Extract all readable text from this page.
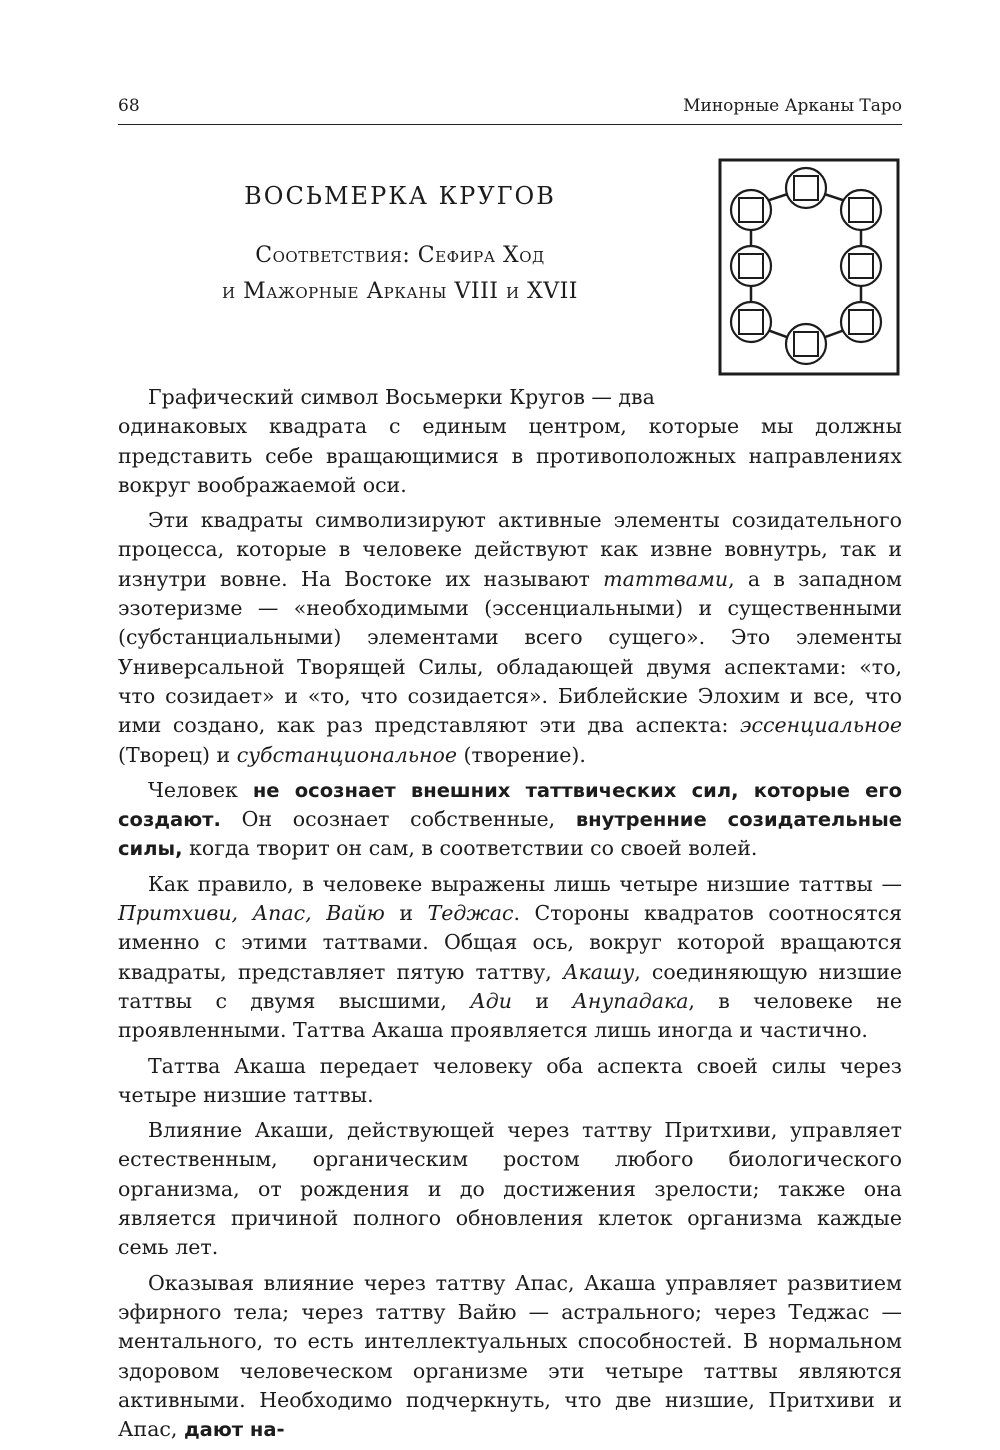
68	Минорные Арканы Таро
ВОСЬМЕРКА КРУГОВ

Соответствия: Сефира Ход

и Мажорные Арканы VIII и XVII

Графический символ Восьмерки Кругов — два
одинаковых квадрата с единым центром, которые мы должны представить себе вращающимися в противоположных направлениях вокруг воображаемой оси.

Эти квадраты символизируют активные элементы созидательного процесса, которые в человеке действуют как извне вовнутрь, так и изнутри вовне. На Востоке их называют таттвами, а в западном эзотеризме — «необходимыми (эссенциальными) и существенными (субстанциальными) элементами всего сущего». Это элементы Универсальной Творящей Силы, обладающей двумя аспектами: «то, что созидает» и «то, что созидается». Библейские Элохим и все, что ими создано, как раз представляют эти два аспекта: эссенциальное (Творец) и субстанциональное (творение).

Человек не осознает внешних таттвических сил, которые его создают. Он осознает собственные, внутренние созидательные силы, когда творит он сам, в соответствии со своей волей.

Как правило, в человеке выражены лишь четыре низшие таттвы — Притхиви, Апас, Вайю и Теджас. Стороны квадратов соотносятся именно с этими таттвами. Общая ось, вокруг которой вращаются квадраты, представляет пятую таттву, Акашу, соединяющую низшие таттвы с двумя высшими, Ади и Анупадака, в человеке не проявленными. Таттва Акаша проявляется лишь иногда и частично.

Таттва Акаша передает человеку оба аспекта своей силы через четыре низшие таттвы.

Влияние Акаши, действующей через таттву Притхиви, управляет естественным, органическим ростом любого биологического организма, от рождения и до достижения зрелости; также она является причиной полного обновления клеток организма каждые семь лет.

Оказывая влияние через таттву Апас, Акаша управляет развитием эфирного тела; через таттву Вайю — астрального; через Теджас — ментального, то есть интеллектуальных способностей. В нормальном здоровом человеческом организме эти четыре таттвы являются активными. Необходимо подчеркнуть, что две низшие, Притхиви и Апас, дают на-
